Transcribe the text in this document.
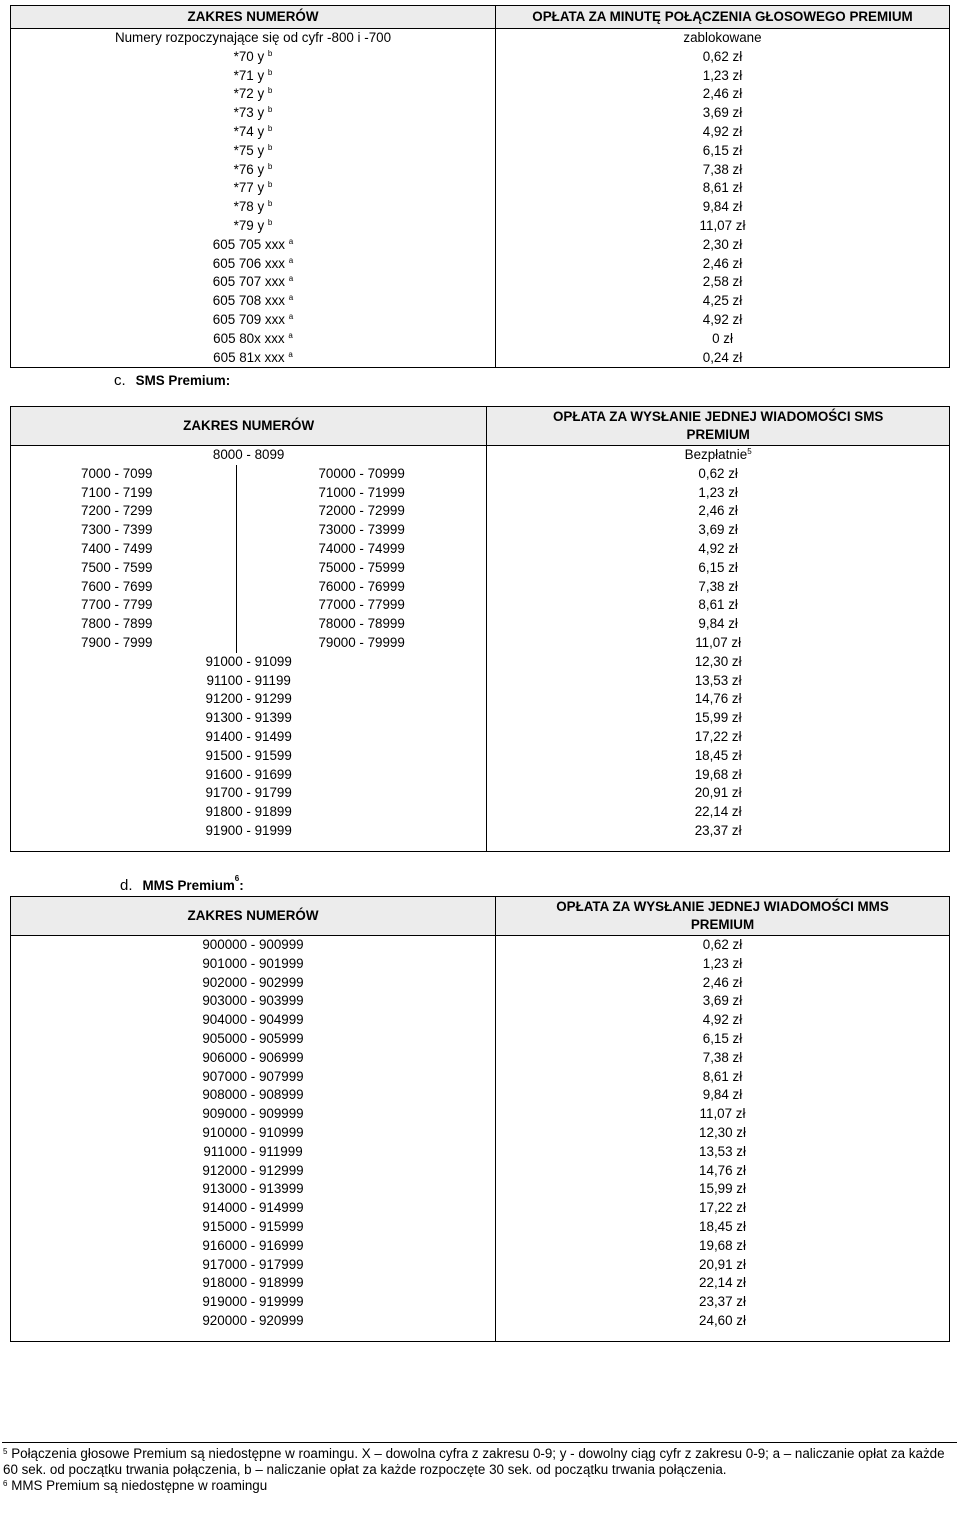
ZAKRES NUMERÓW	OPŁATA ZA MINUTĘ POŁĄCZENIA GŁOSOWEGO PREMIUM
Numery rozpoczynające się od cyfr -800 i -700	zablokowane
*70 y $^b$	0,62 zł
*71 y $^b$	1,23 zł
*72 y $^b$	2,46 zł
*73 y $^b$	3,69 zł
*74 y $^b$	4,92 zł
*75 y $^b$	6,15 zł
*76 y $^b$	7,38 zł
*77 y $^b$	8,61 zł
*78 y $^b$	9,84 zł
*79 y $^b$	11,07 zł
605 705 xxx $^a$	2,30 zł
605 706 xxx $^a$	2,46 zł
605 707 xxx $^a$	2,58 zł
605 708 xxx $^a$	4,25 zł
605 709 xxx $^a$	4,92 zł
605 80x xxx $^a$	0 zł
605 81x xxx $^a$	0,24 zł
c. SMS Premium:
ZAKRES NUMERÓW		OPŁATA ZA WYSŁANIE JEDNEJ WIADOMOŚCI SMS PREMIUM
8000 - 8099		Bezpłatnie$^5$
7000 - 7099	70000 - 70999	0,62 zł
7100 - 7199	71000 - 71999	1,23 zł
7200 - 7299	72000 - 72999	2,46 zł
7300 - 7399	73000 - 73999	3,69 zł
7400 - 7499	74000 - 74999	4,92 zł
7500 - 7599	75000 - 75999	6,15 zł
7600 - 7699	76000 - 76999	7,38 zł
7700 - 7799	77000 - 77999	8,61 zł
7800 - 7899	78000 - 78999	9,84 zł
7900 - 7999	79000 - 79999	11,07 zł
91000 - 91099		12,30 zł
91100 - 91199		13,53 zł
91200 - 91299		14,76 zł
91300 - 91399		15,99 zł
91400 - 91499		17,22 zł
91500 - 91599		18,45 zł
91600 - 91699		19,68 zł
91700 - 91799		20,91 zł
91800 - 91899		22,14 zł
91900 - 91999		23,37 zł

d. MMS Premium$^6$:
ZAKRES NUMERÓW	OPŁATA ZA WYSŁANIE JEDNEJ WIADOMOŚCI MMS PREMIUM
900000 - 900999	0,62 zł
901000 - 901999	1,23 zł
902000 - 902999	2,46 zł
903000 - 903999	3,69 zł
904000 - 904999	4,92 zł
905000 - 905999	6,15 zł
906000 - 906999	7,38 zł
907000 - 907999	8,61 zł
908000 - 908999	9,84 zł
909000 - 909999	11,07 zł
910000 - 910999	12,30 zł
911000 - 911999	13,53 zł
912000 - 912999	14,76 zł
913000 - 913999	15,99 zł
914000 - 914999	17,22 zł
915000 - 915999	18,45 zł
916000 - 916999	19,68 zł
917000 - 917999	20,91 zł
918000 - 918999	22,14 zł
919000 - 919999	23,37 zł
920000 - 920999	24,60 zł

$^5$ Połączenia głosowe Premium są niedostępne w roamingu. X – dowolna cyfra z zakresu 0-9; y - dowolny ciąg cyfr z zakresu 0-9; a – naliczanie opłat za każde 60 sek. od początku trwania połączenia, b – naliczanie opłat za każde rozpoczęte 30 sek. od początku trwania połączenia.
$^6$ MMS Premium są niedostępne w roamingu
